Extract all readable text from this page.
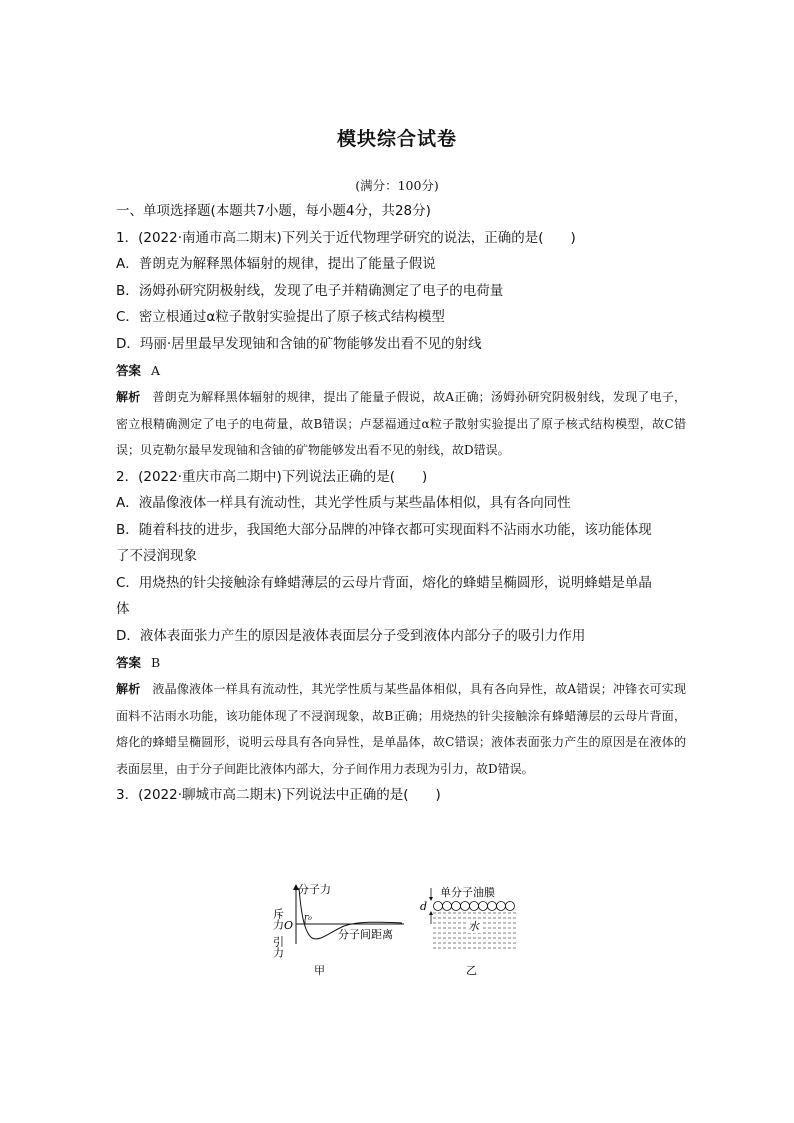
模块综合试卷
(满分：100分)
一、单项选择题(本题共7小题，每小题4分，共28分)
1．(2022·南通市高二期末)下列关于近代物理学研究的说法，正确的是(　　)
A．普朗克为解释黑体辐射的规律，提出了能量子假说
B．汤姆孙研究阴极射线，发现了电子并精确测定了电子的电荷量
C．密立根通过α粒子散射实验提出了原子核式结构模型
D．玛丽·居里最早发现铀和含铀的矿物能够发出看不见的射线
答案 A
解析 普朗克为解释黑体辐射的规律，提出了能量子假说，故A正确；汤姆孙研究阴极射线，发现了电子，密立根精确测定了电子的电荷量，故B错误；卢瑟福通过α粒子散射实验提出了原子核式结构模型，故C错误；贝克勒尔最早发现铀和含铀的矿物能够发出看不见的射线，故D错误。
2．(2022·重庆市高二期中)下列说法正确的是(　　)
A．液晶像液体一样具有流动性，其光学性质与某些晶体相似，具有各向同性
B．随着科技的进步，我国绝大部分品牌的冲锋衣都可实现面料不沾雨水功能，该功能体现
了不浸润现象
C．用烧热的针尖接触涂有蜂蜡薄层的云母片背面，熔化的蜂蜡呈椭圆形，说明蜂蜡是单晶
体
D．液体表面张力产生的原因是液体表面层分子受到液体内部分子的吸引力作用
答案 B
解析 液晶像液体一样具有流动性，其光学性质与某些晶体相似，具有各向异性，故A错误；冲锋衣可实现面料不沾雨水功能，该功能体现了不浸润现象，故B正确；用烧热的针尖接触涂有蜂蜡薄层的云母片背面，熔化的蜂蜡呈椭圆形，说明云母具有各向异性，是单晶体，故C错误；液体表面张力产生的原因是在液体的表面层里，由于分子间距比液体内部大，分子间作用力表现为引力，故D错误。
3．(2022·聊城市高二期末)下列说法中正确的是(　　)
分子力
斥力 O
引力
r₀
分子间距离
甲
单分子油膜
d
水
乙
